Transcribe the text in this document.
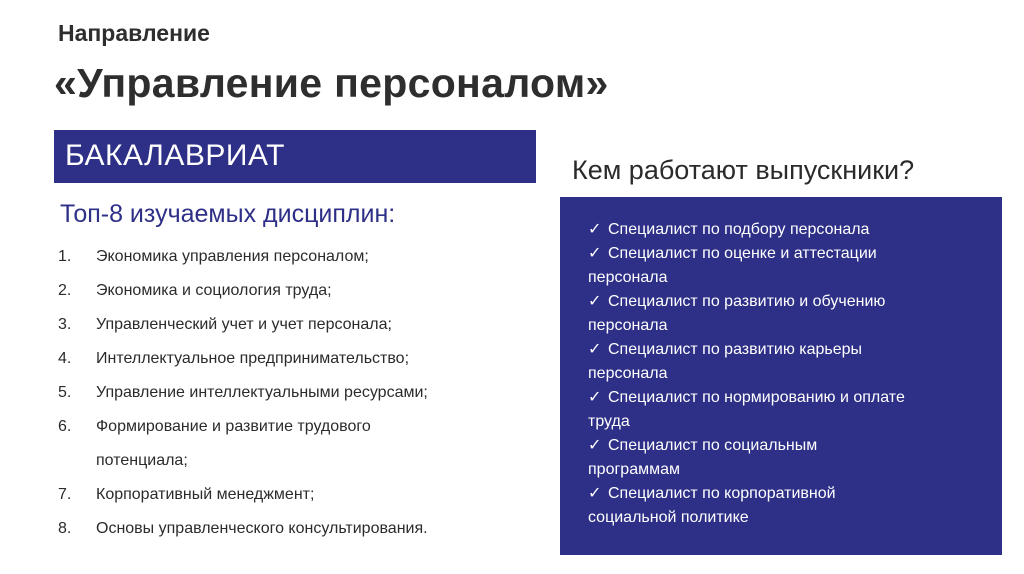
Направление
«Управление персоналом»
БАКАЛАВРИАТ
Топ-8 изучаемых дисциплин:
1.	Экономика управления персоналом;
2.	Экономика и социология труда;
3.	Управленческий учет и учет персонала;
4.	Интеллектуальное предпринимательство;
5.	Управление интеллектуальными ресурсами;
6.	Формирование и развитие трудового
потенциала;
7.	Корпоративный менеджмент;
8.	Основы управленческого консультирования.
Кем работают выпускники?
✓ Специалист по подбору персонала
✓ Специалист по оценке и аттестации
персонала
✓ Специалист по развитию и обучению
персонала
✓ Специалист по развитию карьеры
персонала
✓ Специалист по нормированию и оплате
труда
✓ Специалист по социальным
программам
✓ Специалист по корпоративной
социальной политике
